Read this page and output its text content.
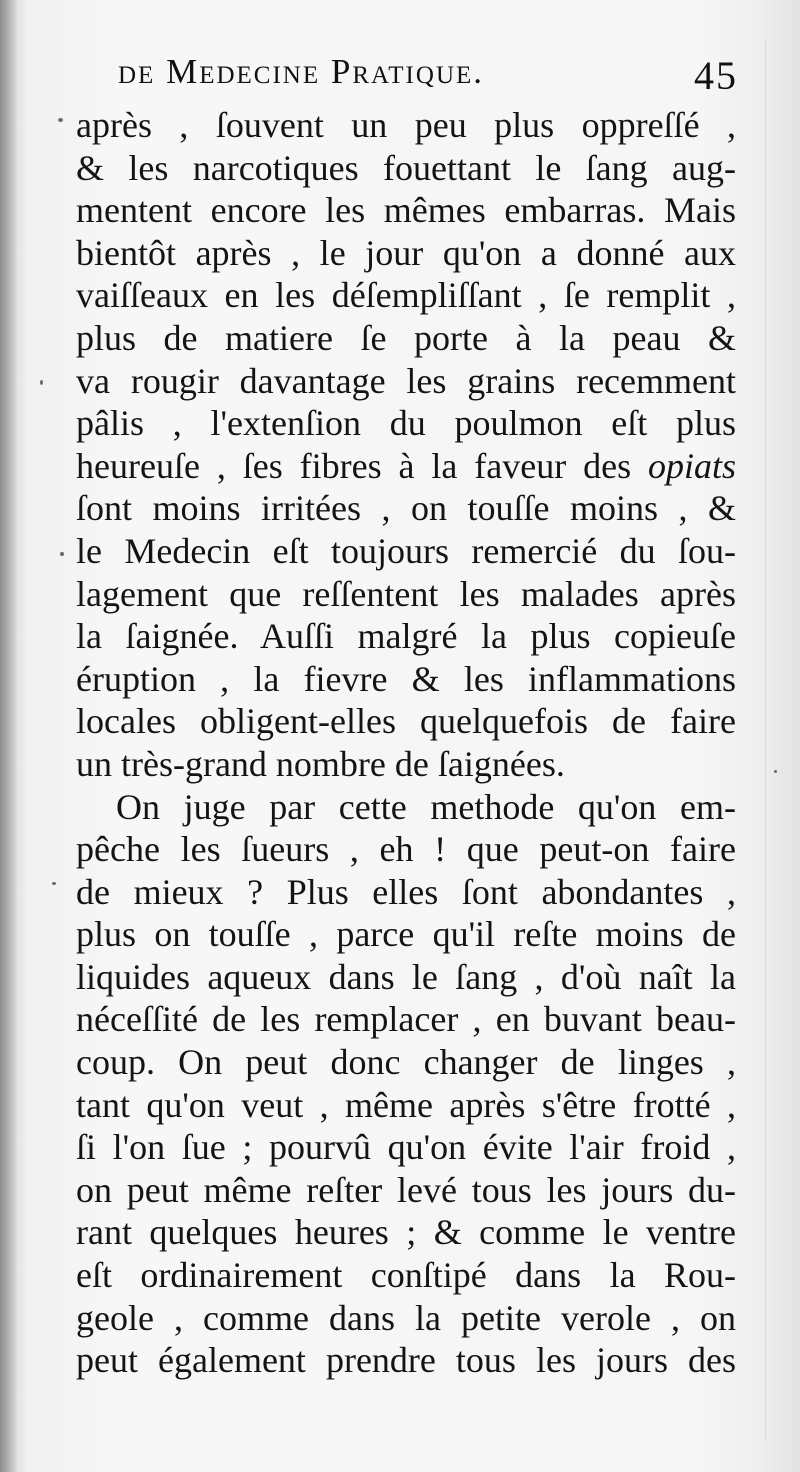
de Medecine Pratique.	45
après , ſouvent un peu plus oppreſſé ,
& les narcotiques fouettant le ſang aug-
mentent encore les mêmes embarras. Mais
bientôt après , le jour qu'on a donné aux
vaiſſeaux en les déſempliſſant , ſe remplit ,
plus de matiere ſe porte à la peau &
va rougir davantage les grains recemment
pâlis , l'extenſion du poulmon eſt plus
heureuſe , ſes fibres à la faveur des opiats
ſont moins irritées , on touſſe moins , &
le Medecin eſt toujours remercié du ſou-
lagement que reſſentent les malades après
la ſaignée. Auſſi malgré la plus copieuſe
éruption , la fievre & les inflammations
locales obligent-elles quelquefois de faire
un très-grand nombre de ſaignées.
On juge par cette methode qu'on em-
pêche les ſueurs , eh ! que peut-on faire
de mieux ? Plus elles ſont abondantes ,
plus on touſſe , parce qu'il reſte moins de
liquides aqueux dans le ſang , d'où naît la
néceſſité de les remplacer , en buvant beau-
coup. On peut donc changer de linges ,
tant qu'on veut , même après s'être frotté ,
ſi l'on ſue ; pourvû qu'on évite l'air froid ,
on peut même reſter levé tous les jours du-
rant quelques heures ; & comme le ventre
eſt ordinairement conſtipé dans la Rou-
geole , comme dans la petite verole , on
peut également prendre tous les jours des
